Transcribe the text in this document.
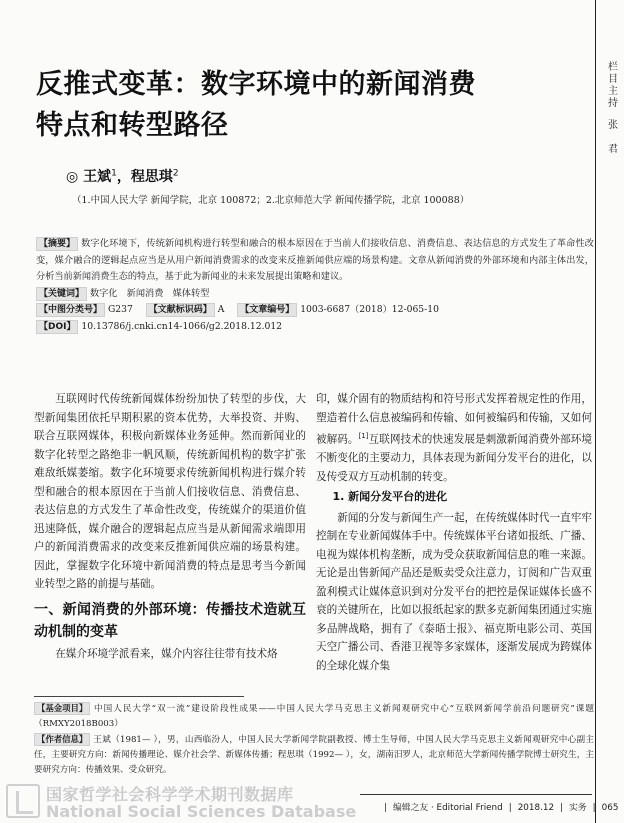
栏
目
主
持
张
君
反推式变革：数字环境中的新闻消费
特点和转型路径
◎ 王斌$^1$，程思琪$^2$
（1.中国人民大学 新闻学院，北京 100872；2.北京师范大学 新闻传播学院，北京 100088）

【摘要】 数字化环境下，传统新闻机构进行转型和融合的根本原因在于当前人们接收信息、消费信息、表达信息的方式发生了革命性改变，媒介融合的逻辑起点应当是从用户新闻消费需求的改变来反推新闻供应端的场景构建。文章从新闻消费的外部环境和内部主体出发，分析当前新闻消费生态的特点，基于此为新闻业的未来发展提出策略和建议。

【关键词】 数字化　新闻消费　媒体转型

【中图分类号】 G237 【文献标识码】 A 【文章编号】 1003-6687（2018）12-065-10

【DOI】 10.13786/j.cnki.cn14-1066/g2.2018.12.012

互联网时代传统新闻媒体纷纷加快了转型的步伐，大型新闻集团依托早期积累的资本优势，大举投资、并购、联合互联网媒体，积极向新媒体业务延伸。然而新闻业的数字化转型之路绝非一帆风顺，传统新闻机构的数字扩张难敌纸媒萎缩。数字化环境要求传统新闻机构进行媒介转型和融合的根本原因在于当前人们接收信息、消费信息、表达信息的方式发生了革命性改变，传统媒介的渠道价值迅速降低，媒介融合的逻辑起点应当是从新闻需求端即用户的新闻消费需求的改变来反推新闻供应端的场景构建。因此，掌握数字化环境中新闻消费的特点是思考当今新闻业转型之路的前提与基础。

一、新闻消费的外部环境：传播技术造就互动机制的变革

在媒介环境学派看来，媒介内容往往带有技术烙

印，媒介固有的物质结构和符号形式发挥着规定性的作用，塑造着什么信息被编码和传输、如何被编码和传输，又如何被解码。[1]互联网技术的快速发展是刺激新闻消费外部环境不断变化的主要动力，具体表现为新闻分发平台的进化，以及传受双方互动机制的转变。

1. 新闻分发平台的进化

新闻的分发与新闻生产一起，在传统媒体时代一直牢牢控制在专业新闻媒体手中。传统媒体平台诸如报纸、广播、电视为媒体机构垄断，成为受众获取新闻信息的唯一来源。无论是出售新闻产品还是贩卖受众注意力，订阅和广告双重盈利模式让媒体意识到对分发平台的把控是保证媒体长盛不衰的关键所在，比如以报纸起家的默多克新闻集团通过实施多品牌战略，拥有了《泰晤士报》、福克斯电影公司、英国天空广播公司、香港卫视等多家媒体，逐渐发展成为跨媒体的全球化媒介集

【基金项目】 中国人民大学“双一流”建设阶段性成果——中国人民大学马克思主义新闻观研究中心“互联网新闻学前沿问题研究”课题（RMXY2018B003）

【作者信息】 王斌（1981— ），男，山西临汾人，中国人民大学新闻学院副教授、博士生导师，中国人民大学马克思主义新闻观研究中心副主任，主要研究方向：新闻传播理论、媒介社会学、新媒体传播；程思琪（1992— ），女，湖南汨罗人，北京师范大学新闻传播学院博士研究生，主要研究方向：传播效果、受众研究。

| 编辑之友 · Editorial Friend | 2018.12 | 实务 | 065
国家哲学社会科学学术期刊数据库
National Social Sciences Database
